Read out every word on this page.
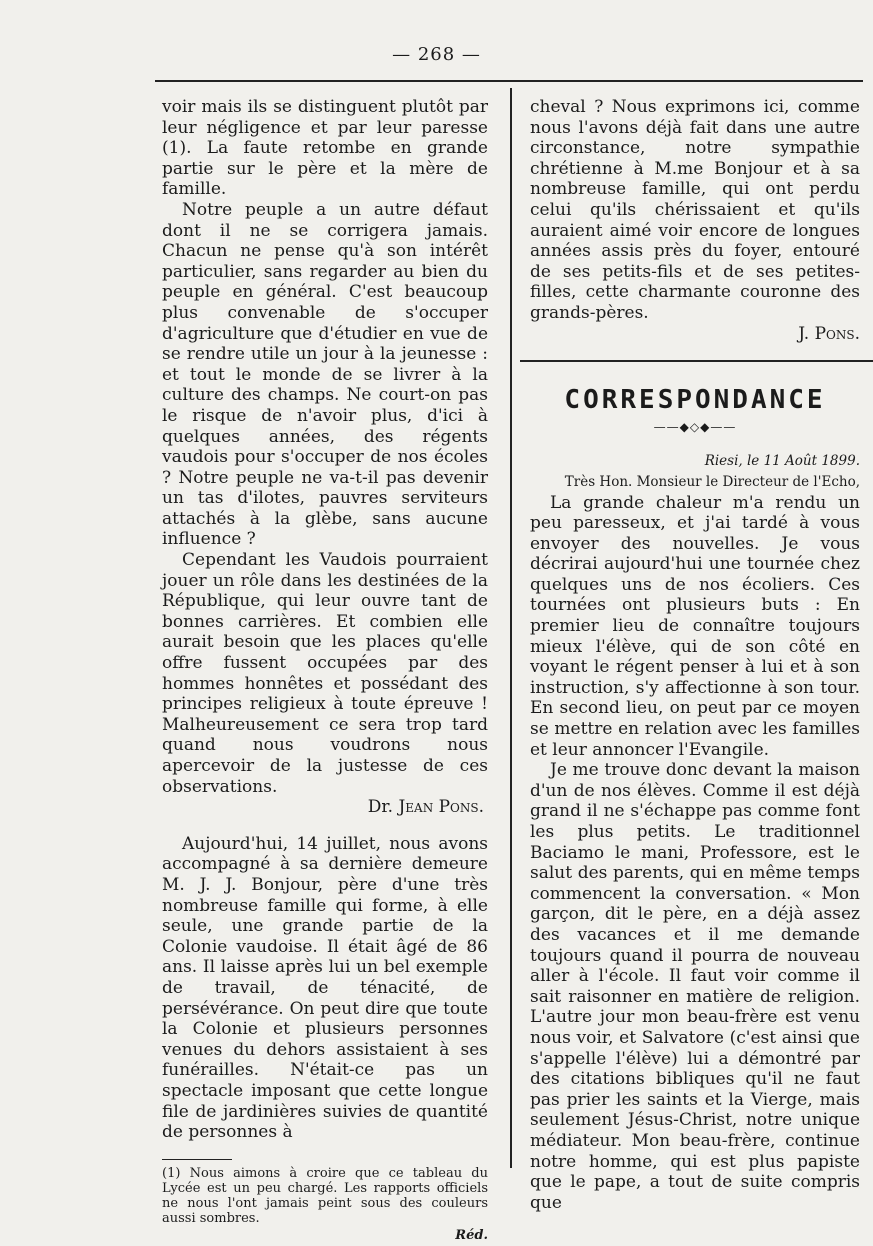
— 268 —

voir mais ils se distinguent plutôt par leur négligence et par leur paresse (1). La faute retombe en grande partie sur le père et la mère de famille.

Notre peuple a un autre défaut dont il ne se corrigera jamais. Chacun ne pense qu'à son intérêt particulier, sans regarder au bien du peuple en général. C'est beaucoup plus convenable de s'occuper d'agriculture que d'étudier en vue de se rendre utile un jour à la jeunesse : et tout le monde de se livrer à la culture des champs. Ne court-on pas le risque de n'avoir plus, d'ici à quelques années, des régents vaudois pour s'occuper de nos écoles ? Notre peuple ne va-t-il pas devenir un tas d'ilotes, pauvres serviteurs attachés à la glèbe, sans aucune influence ?

Cependant les Vaudois pourraient jouer un rôle dans les destinées de la République, qui leur ouvre tant de bonnes carrières. Et combien elle aurait besoin que les places qu'elle offre fussent occupées par des hommes honnêtes et possédant des principes religieux à toute épreuve ! Malheureusement ce sera trop tard quand nous voudrons nous apercevoir de la justesse de ces observations.

Dr. Jean Pons.

Aujourd'hui, 14 juillet, nous avons accompagné à sa dernière demeure M. J. J. Bonjour, père d'une très nombreuse famille qui forme, à elle seule, une grande partie de la Colonie vaudoise. Il était âgé de 86 ans. Il laisse après lui un bel exemple de travail, de ténacité, de persévérance. On peut dire que toute la Colonie et plusieurs personnes venues du dehors assistaient à ses funérailles. N'était-ce pas un spectacle imposant que cette longue file de jardinières suivies de quantité de personnes à

(1) Nous aimons à croire que ce tableau du Lycée est un peu chargé. Les rapports officiels ne nous l'ont jamais peint sous des couleurs aussi sombres.

Réd.

cheval ? Nous exprimons ici, comme nous l'avons déjà fait dans une autre circonstance, notre sympathie chrétienne à M.me Bonjour et à sa nombreuse famille, qui ont perdu celui qu'ils chérissaient et qu'ils auraient aimé voir encore de longues années assis près du foyer, entouré de ses petits-fils et de ses petites-filles, cette charmante couronne des grands-pères.

J. Pons.

CORRESPONDANCE
——◆◇◆——

Riesi, le 11 Août 1899.

Très Hon. Monsieur le Directeur de l'Echo,

La grande chaleur m'a rendu un peu paresseux, et j'ai tardé à vous envoyer des nouvelles. Je vous décrirai aujourd'hui une tournée chez quelques uns de nos écoliers. Ces tournées ont plusieurs buts : En premier lieu de connaître toujours mieux l'élève, qui de son côté en voyant le régent penser à lui et à son instruction, s'y affectionne à son tour. En second lieu, on peut par ce moyen se mettre en relation avec les familles et leur annoncer l'Evangile.

Je me trouve donc devant la maison d'un de nos élèves. Comme il est déjà grand il ne s'échappe pas comme font les plus petits. Le traditionnel Baciamo le mani, Professore, est le salut des parents, qui en même temps commencent la conversation. « Mon garçon, dit le père, en a déjà assez des vacances et il me demande toujours quand il pourra de nouveau aller à l'école. Il faut voir comme il sait raisonner en matière de religion. L'autre jour mon beau-frère est venu nous voir, et Salvatore (c'est ainsi que s'appelle l'élève) lui a démontré par des citations bibliques qu'il ne faut pas prier les saints et la Vierge, mais seulement Jésus-Christ, notre unique médiateur. Mon beau-frère, continue notre homme, qui est plus papiste que le pape, a tout de suite compris que
